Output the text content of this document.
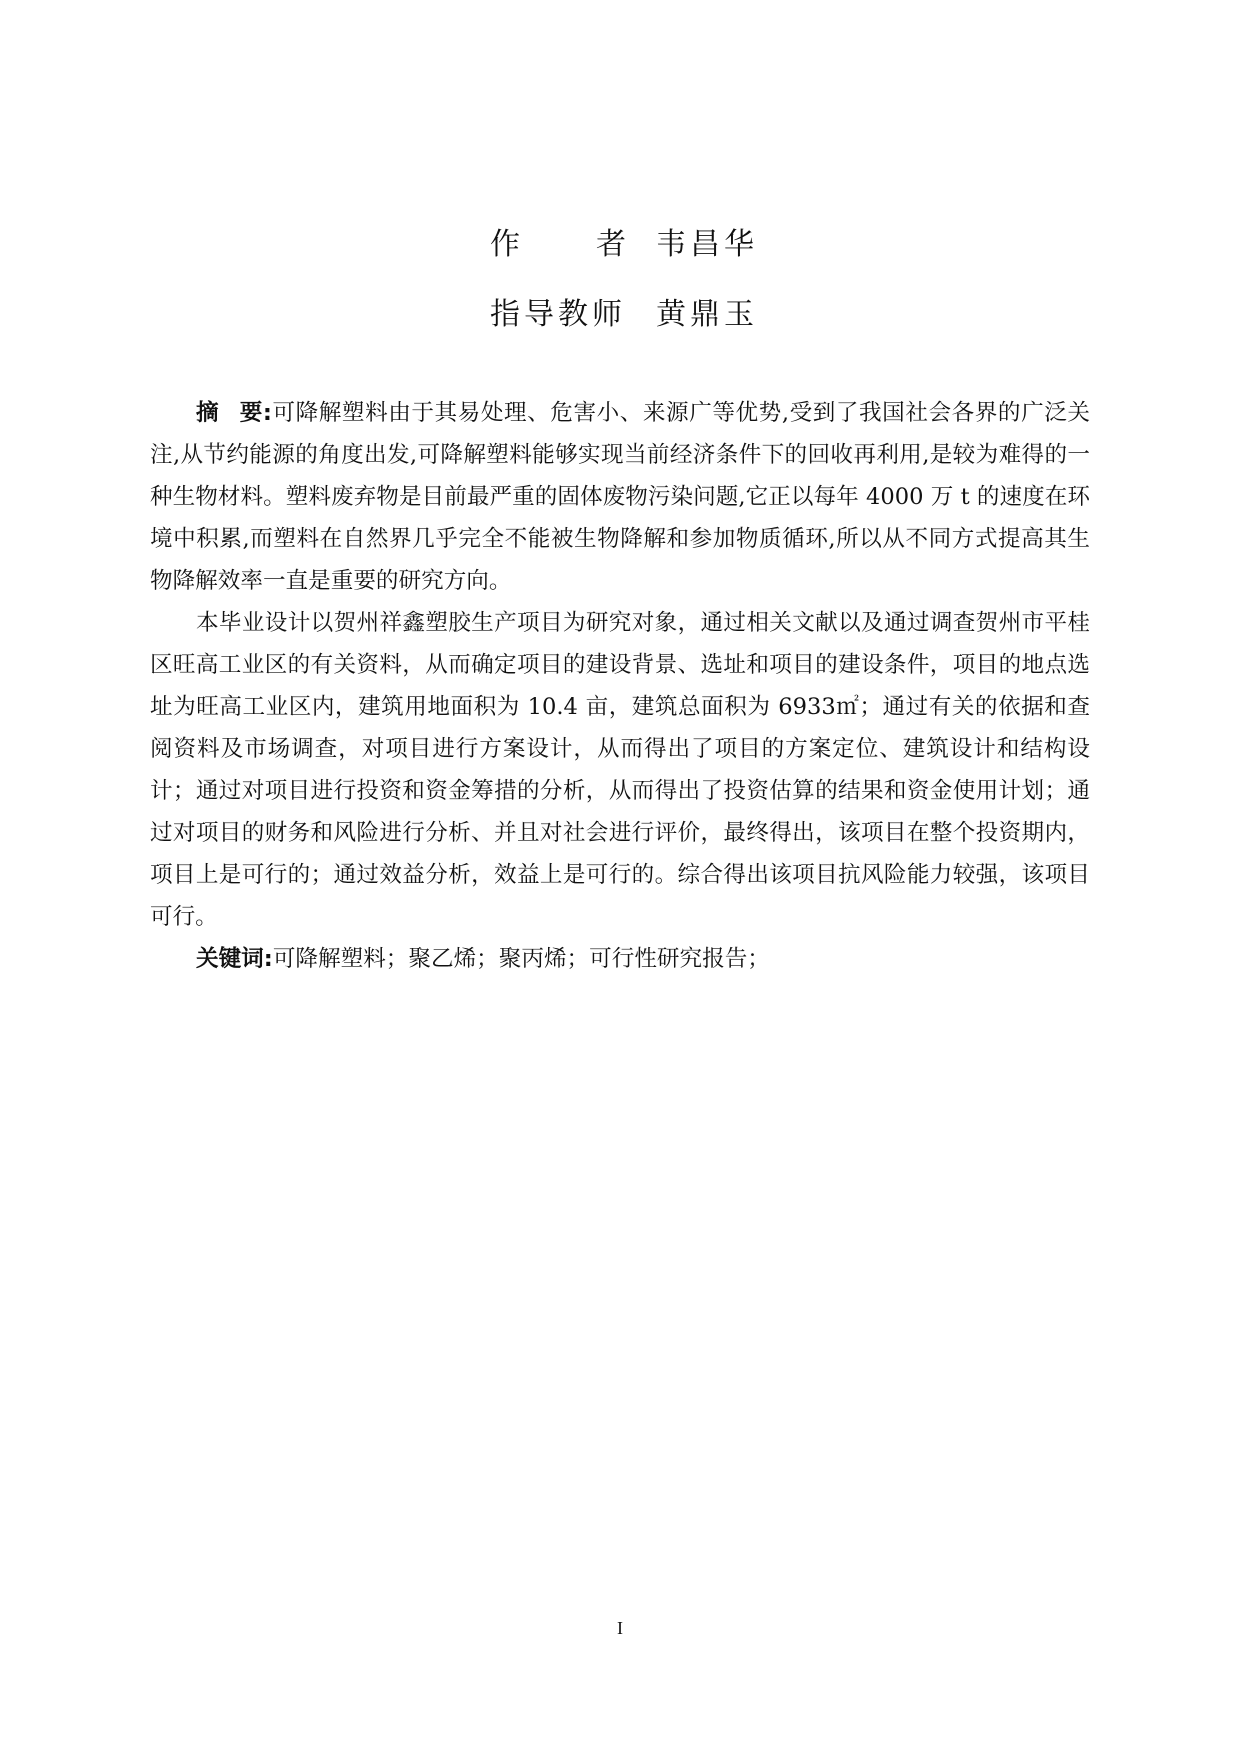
作	者 韦昌华
指导教师 黄鼎玉

摘 要:可降解塑料由于其易处理、危害小、来源广等优势,受到了我国社会各界的广泛关注,从节约能源的角度出发,可降解塑料能够实现当前经济条件下的回收再利用,是较为难得的一种生物材料。塑料废弃物是目前最严重的固体废物污染问题,它正以每年 4000 万 t 的速度在环境中积累,而塑料在自然界几乎完全不能被生物降解和参加物质循环,所以从不同方式提高其生物降解效率一直是重要的研究方向。

本毕业设计以贺州祥鑫塑胶生产项目为研究对象，通过相关文献以及通过调查贺州市平桂区旺高工业区的有关资料，从而确定项目的建设背景、选址和项目的建设条件，项目的地点选址为旺高工业区内，建筑用地面积为 10.4 亩，建筑总面积为 6933㎡；通过有关的依据和查阅资料及市场调查，对项目进行方案设计，从而得出了项目的方案定位、建筑设计和结构设计；通过对项目进行投资和资金筹措的分析，从而得出了投资估算的结果和资金使用计划；通过对项目的财务和风险进行分析、并且对社会进行评价，最终得出，该项目在整个投资期内，项目上是可行的；通过效益分析，效益上是可行的。综合得出该项目抗风险能力较强，该项目可行。

关键词:可降解塑料；聚乙烯；聚丙烯；可行性研究报告；

I
